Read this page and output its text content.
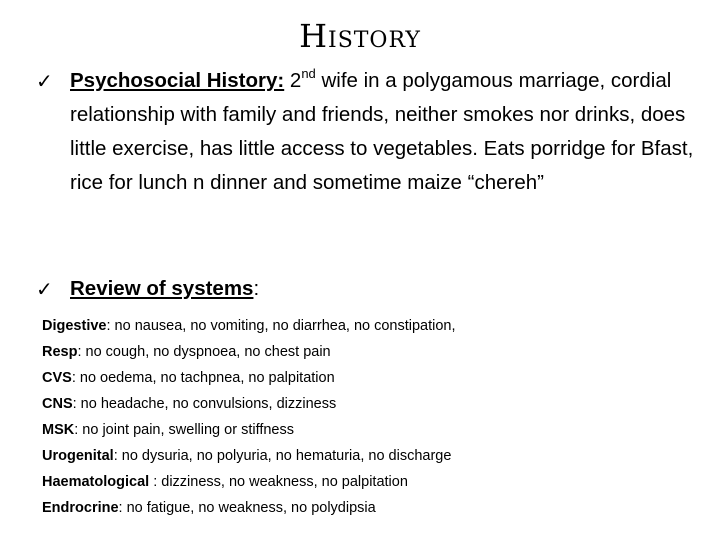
History
✓ Psychosocial History: 2nd wife in a polygamous marriage, cordial relationship with family and friends, neither smokes nor drinks, does little exercise, has little access to vegetables. Eats porridge for Bfast, rice for lunch n dinner and sometime maize “chereh”
✓ Review of systems:
Digestive: no nausea, no vomiting, no diarrhea, no constipation,
Resp: no cough, no dyspnoea, no chest pain
CVS: no oedema, no tachpnea, no palpitation
CNS: no headache, no convulsions, dizziness
MSK: no joint pain, swelling or stiffness
Urogenital: no dysuria, no polyuria, no hematuria, no discharge
Haematological : dizziness, no weakness, no palpitation
Endrocrine: no fatigue, no weakness, no polydipsia
